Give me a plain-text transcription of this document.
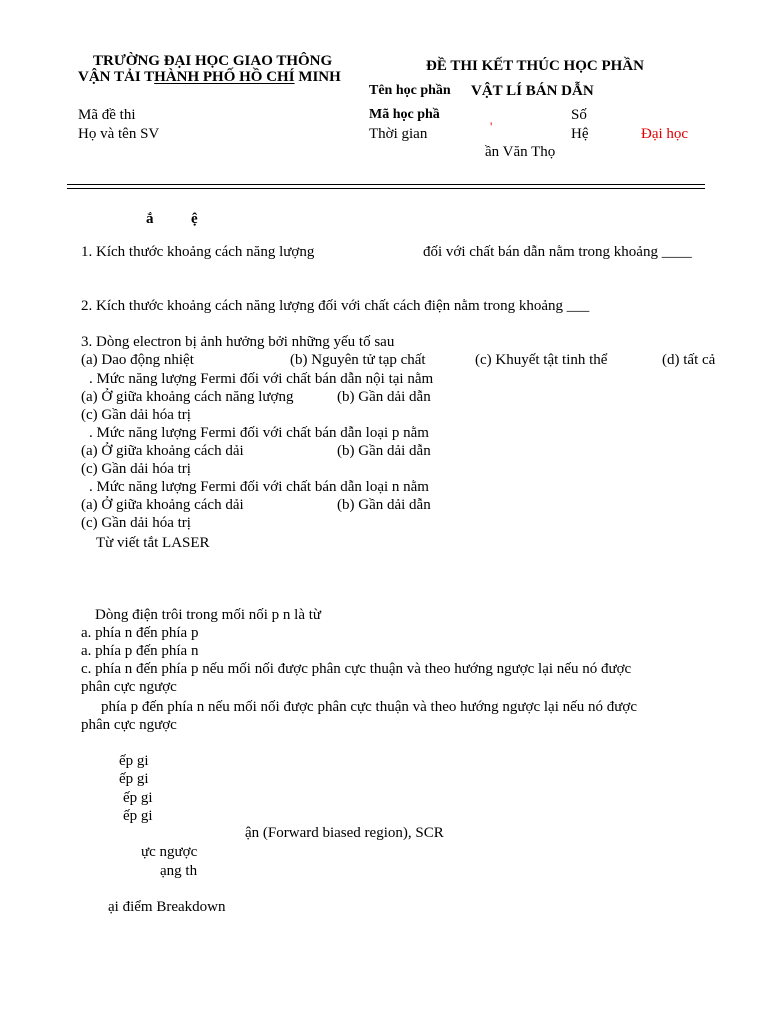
TRƯỜNG ĐẠI HỌC GIAO THÔNG
VẬN TẢI THÀNH PHỐ HỒ CHÍ MINH
ĐỀ THI KẾT THÚC HỌC PHẦN
Tên học phần VẬT LÍ BÁN DẪN
Mã đề thi	Mã học phầ	Số
Họ và tên SV	Thời gian	'	Hệ	Đại học
ần Văn Thọ
ắ          ệ
1. Kích thước khoảng cách năng lượng	đối với chất bán dẫn nằm trong khoảng ____
2. Kích thước khoảng cách năng lượng đối với chất cách điện nằm trong khoảng ___
3. Dòng electron bị ảnh hưởng bởi những yếu tố sau
(a) Dao động nhiệt	(b) Nguyên tử tạp chất	(c) Khuyết tật tinh thể	(d) tất cả
. Mức năng lượng Fermi đối với chất bán dẫn nội tại nằm
(a) Ở giữa khoảng cách năng lượng	(b) Gần dải dẫn
(c) Gần dải hóa trị
. Mức năng lượng Fermi đối với chất bán dẫn loại p nằm
(a) Ở giữa khoảng cách dải	(b) Gần dải dẫn
(c) Gần dải hóa trị
. Mức năng lượng Fermi đối với chất bán dẫn loại n nằm
(a) Ở giữa khoảng cách dải	(b) Gần dải dẫn
(c) Gần dải hóa trị
Từ viết tắt LASER
Dòng điện trôi trong mối nối p n là từ
a. phía n đến phía p
a. phía p đến phía n
c. phía n đến phía p nếu mối nối được phân cực thuận và theo hướng ngược lại nếu nó được
phân cực ngược
phía p đến phía n nếu mối nối được phân cực thuận và theo hướng ngược lại nếu nó được
phân cực ngược
ếp gi
ếp gi
ếp gi
ếp gi
ận (Forward biased region), SCR
ực ngược
ạng th
ại điểm Breakdown
